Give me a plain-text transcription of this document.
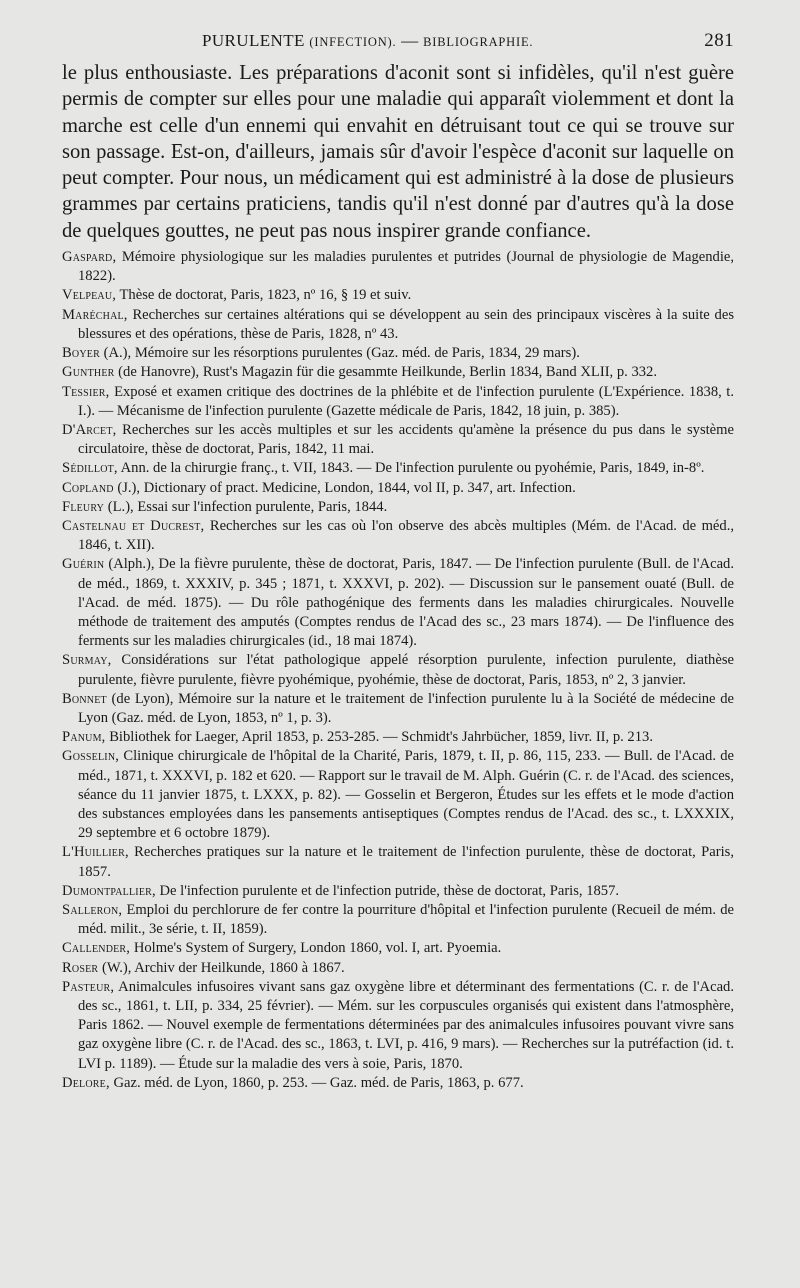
PURULENTE (INFECTION). — BIBLIOGRAPHIE.	281

le plus enthousiaste. Les préparations d'aconit sont si infidèles, qu'il n'est guère permis de compter sur elles pour une maladie qui apparaît violemment et dont la marche est celle d'un ennemi qui envahit en détruisant tout ce qui se trouve sur son passage. Est-on, d'ailleurs, jamais sûr d'avoir l'espèce d'aconit sur laquelle on peut compter. Pour nous, un médicament qui est administré à la dose de plusieurs grammes par certains praticiens, tandis qu'il n'est donné par d'autres qu'à la dose de quelques gouttes, ne peut pas nous inspirer grande confiance.

Gaspard, Mémoire physiologique sur les maladies purulentes et putrides (Journal de physiologie de Magendie, 1822).

Velpeau, Thèse de doctorat, Paris, 1823, nº 16, § 19 et suiv.

Maréchal, Recherches sur certaines altérations qui se développent au sein des principaux viscères à la suite des blessures et des opérations, thèse de Paris, 1828, nº 43.

Boyer (A.), Mémoire sur les résorptions purulentes (Gaz. méd. de Paris, 1834, 29 mars).

Gunther (de Hanovre), Rust's Magazin für die gesammte Heilkunde, Berlin 1834, Band XLII, p. 332.

Tessier, Exposé et examen critique des doctrines de la phlébite et de l'infection purulente (L'Expérience. 1838, t. I.). — Mécanisme de l'infection purulente (Gazette médicale de Paris, 1842, 18 juin, p. 385).

D'Arcet, Recherches sur les accès multiples et sur les accidents qu'amène la présence du pus dans le système circulatoire, thèse de doctorat, Paris, 1842, 11 mai.

Sédillot, Ann. de la chirurgie franç., t. VII, 1843. — De l'infection purulente ou pyohémie, Paris, 1849, in-8º.

Copland (J.), Dictionary of pract. Medicine, London, 1844, vol II, p. 347, art. Infection.

Fleury (L.), Essai sur l'infection purulente, Paris, 1844.

Castelnau et Ducrest, Recherches sur les cas où l'on observe des abcès multiples (Mém. de l'Acad. de méd., 1846, t. XII).

Guérin (Alph.), De la fièvre purulente, thèse de doctorat, Paris, 1847. — De l'infection purulente (Bull. de l'Acad. de méd., 1869, t. XXXIV, p. 345 ; 1871, t. XXXVI, p. 202). — Discussion sur le pansement ouaté (Bull. de l'Acad. de méd. 1875). — Du rôle pathogénique des ferments dans les maladies chirurgicales. Nouvelle méthode de traitement des amputés (Comptes rendus de l'Acad des sc., 23 mars 1874). — De l'influence des ferments sur les maladies chirurgicales (id., 18 mai 1874).

Surmay, Considérations sur l'état pathologique appelé résorption purulente, infection purulente, diathèse purulente, fièvre purulente, fièvre pyohémique, pyohémie, thèse de doctorat, Paris, 1853, nº 2, 3 janvier.

Bonnet (de Lyon), Mémoire sur la nature et le traitement de l'infection purulente lu à la Société de médecine de Lyon (Gaz. méd. de Lyon, 1853, nº 1, p. 3).

Panum, Bibliothek for Laeger, April 1853, p. 253-285. — Schmidt's Jahrbücher, 1859, livr. II, p. 213.

Gosselin, Clinique chirurgicale de l'hôpital de la Charité, Paris, 1879, t. II, p. 86, 115, 233. — Bull. de l'Acad. de méd., 1871, t. XXXVI, p. 182 et 620. — Rapport sur le travail de M. Alph. Guérin (C. r. de l'Acad. des sciences, séance du 11 janvier 1875, t. LXXX, p. 82). — Gosselin et Bergeron, Études sur les effets et le mode d'action des substances employées dans les pansements antiseptiques (Comptes rendus de l'Acad. des sc., t. LXXXIX, 29 septembre et 6 octobre 1879).

L'Huillier, Recherches pratiques sur la nature et le traitement de l'infection purulente, thèse de doctorat, Paris, 1857.

Dumontpallier, De l'infection purulente et de l'infection putride, thèse de doctorat, Paris, 1857.

Salleron, Emploi du perchlorure de fer contre la pourriture d'hôpital et l'infection purulente (Recueil de mém. de méd. milit., 3e série, t. II, 1859).

Callender, Holme's System of Surgery, London 1860, vol. I, art. Pyoemia.

Roser (W.), Archiv der Heilkunde, 1860 à 1867.

Pasteur, Animalcules infusoires vivant sans gaz oxygène libre et déterminant des fermentations (C. r. de l'Acad. des sc., 1861, t. LII, p. 334, 25 février). — Mém. sur les corpuscules organisés qui existent dans l'atmosphère, Paris 1862. — Nouvel exemple de fermentations déterminées par des animalcules infusoires pouvant vivre sans gaz oxygène libre (C. r. de l'Acad. des sc., 1863, t. LVI, p. 416, 9 mars). — Recherches sur la putréfaction (id. t. LVI p. 1189). — Étude sur la maladie des vers à soie, Paris, 1870.

Delore, Gaz. méd. de Lyon, 1860, p. 253. — Gaz. méd. de Paris, 1863, p. 677.
